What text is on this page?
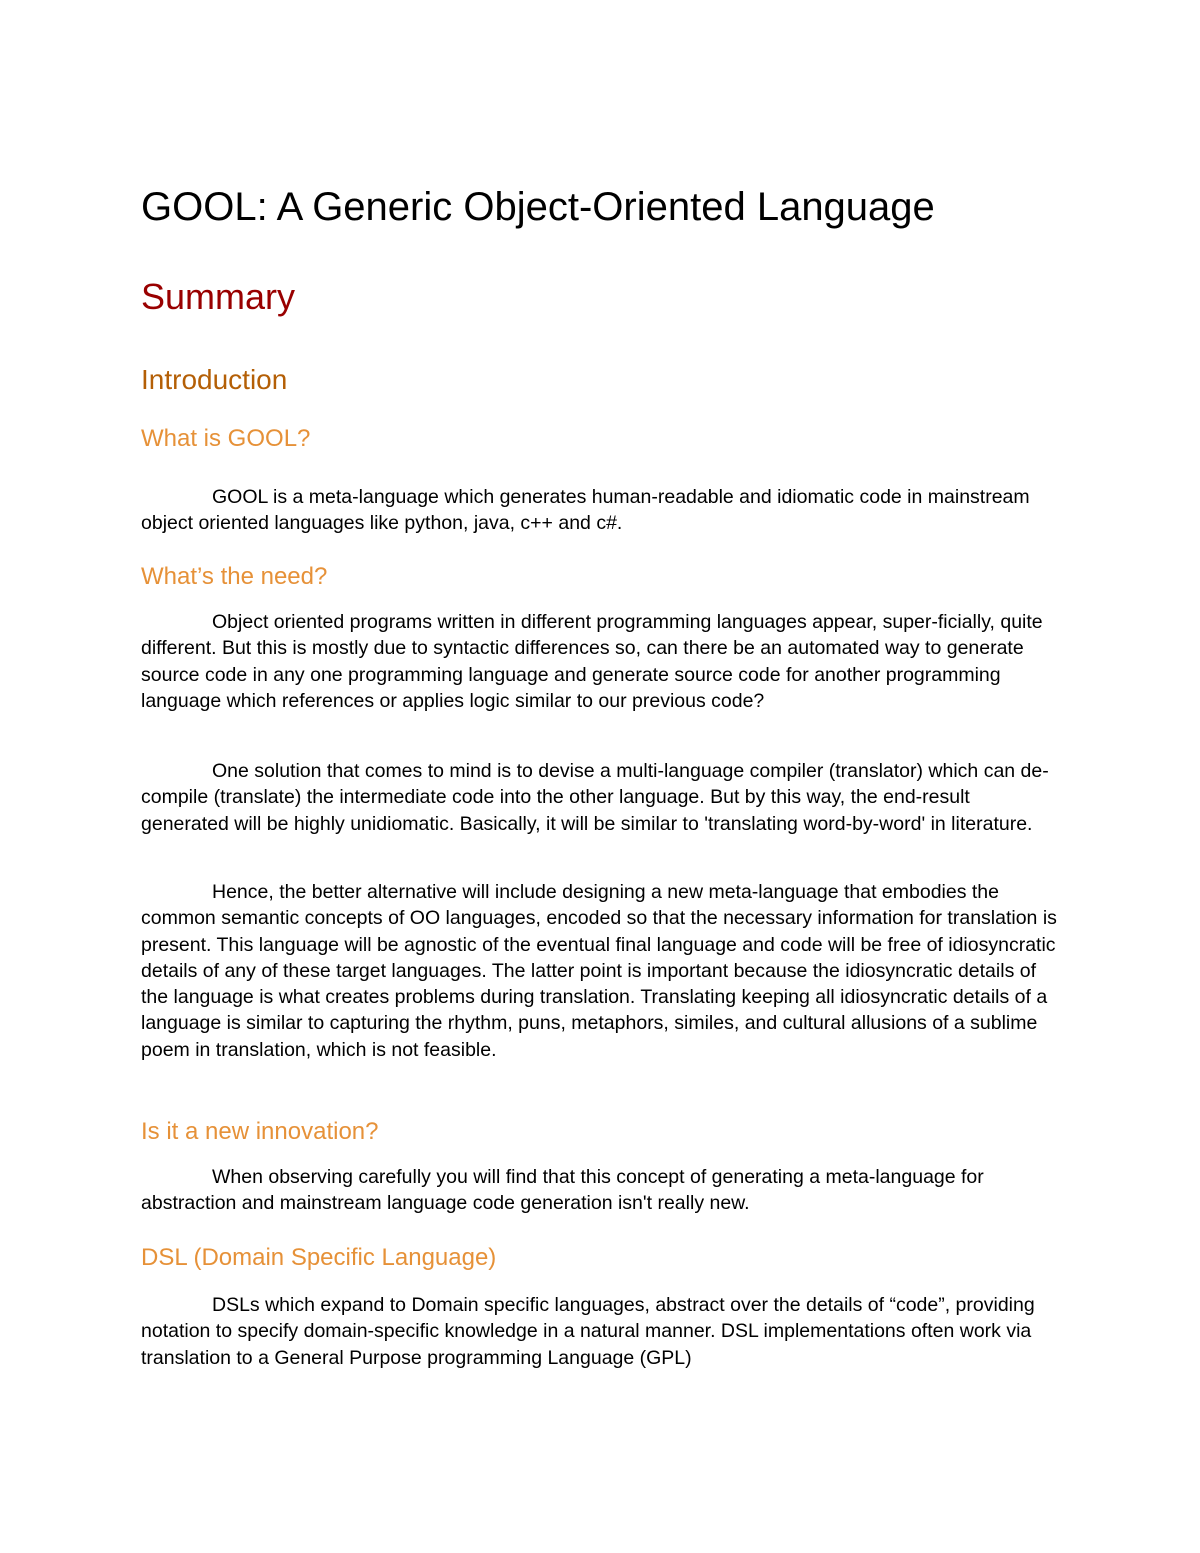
GOOL: A Generic Object-Oriented Language
Summary
Introduction
What is GOOL?

GOOL is a meta-language which generates human-readable and idiomatic code in mainstream object oriented languages like python, java, c++ and c#.

What’s the need?

Object oriented programs written in different programming languages appear, super-ficially, quite different. But this is mostly due to syntactic differences so, can there be an automated way to generate source code in any one programming language and generate source code for another programming language which references or applies logic similar to our previous code?

One solution that comes to mind is to devise a multi-language compiler (translator) which can de-compile (translate) the intermediate code into the other language. But by this way, the end-result generated will be highly unidiomatic. Basically, it will be similar to 'translating word-by-word' in literature.

Hence, the better alternative will include designing a new meta-language that embodies the common semantic concepts of OO languages, encoded so that the necessary information for translation is present. This language will be agnostic of the eventual final language and code will be free of idiosyncratic details of any of these target languages. The latter point is important because the idiosyncratic details of the language is what creates problems during translation. Translating keeping all idiosyncratic details of a language is similar to capturing the rhythm, puns, metaphors, similes, and cultural allusions of a sublime poem in translation, which is not feasible.

Is it a new innovation?

When observing carefully you will find that this concept of generating a meta-language for abstraction and mainstream language code generation isn't really new.

DSL (Domain Specific Language)

DSLs which expand to Domain specific languages, abstract over the details of “code”, providing notation to specify domain-specific knowledge in a natural manner. DSL implementations often work via translation to a General Purpose programming Language (GPL)
